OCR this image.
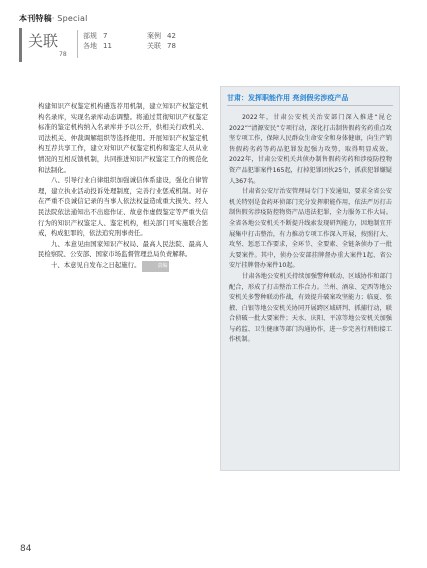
本刊特稿· Special
关联
78
部规 7	案例 42
各地 11	关联 78

构建知识产权鉴定机构遴选荐用机制，建立知识产权鉴定机构名录库，实现名录库动态调整。将通过贯彻知识产权鉴定标准的鉴定机构纳入名录库并予以公开，供相关行政机关、司法机关、仲裁调解组织等选择使用。开展知识产权鉴定机构互荐共享工作，建立对知识产权鉴定机构和鉴定人员从业情况的互相反馈机制，共同推进知识产权鉴定工作的规范化和法制化。

八、引导行业自律组织加强诚信体系建设，强化自律管理，建立执业活动投诉处理制度，完善行业惩戒机制。对存在严重不良诚信记录的当事人依法权益造成重大损失、经人民法院依法通知出不出庭作证、故意作虚假鉴定等严重失信行为的知识产权鉴定人、鉴定机构，相关部门可实施联合惩戒，构成犯罪的，依法追究刑事责任。

九、本意见由国家知识产权局、最高人民法院、最高人民检察院、公安部、国家市场监督管理总局负责解释。

十、本意见自发布之日起施行。	责编

甘肃：发挥职能作用 亮剑假劣涉疫产品

2022年，甘肃公安机关治安部门深入推进“昆仑2022”“清源安民”专项行动，深化打击制售假药劣药重点攻坚专项工作，保障人民群众生命安全和身体健康，向生产销售假药劣药等药品犯罪发起强力攻势，取得明显成效。2022年，甘肃公安机关共侦办制售假药劣药和涉疫防控物资产品犯罪案件165起，打掉犯罪团伙25个，抓获犯罪嫌疑人367名。

甘肃省公安厅治安管理局专门下发通知，要求全省公安机关特别是食药环侦部门充分发挥职能作用，依法严厉打击制售假劣涉疫防控物资产品违法犯罪，全力服务工作大局。全省各地公安机关不断提升线索发现研判能力，因地制宜开展集中打击整治，有力推动专项工作深入开展，按照打大、攻坚、惩恶工作要求，全环节、全要素、全链条侦办了一批大要案件。其中，侦办公安部挂牌督办重大案件1起、省公安厅挂牌督办案件10起。

甘肃各地公安机关持续加强警种联动、区域协作和部门配合，形成了打击整治工作合力。兰州、酒泉、定西等地公安机关多警种联动作战，有效提升破案攻坚能力；临夏、张掖、白银等地公安机关协同开展跨区域研判、抓捕行动，联合侦破一批大要案件；天水、庆阳、平凉等地公安机关加强与药监、卫生健康等部门沟通协作，进一步完善行刑衔接工作机制。

84
